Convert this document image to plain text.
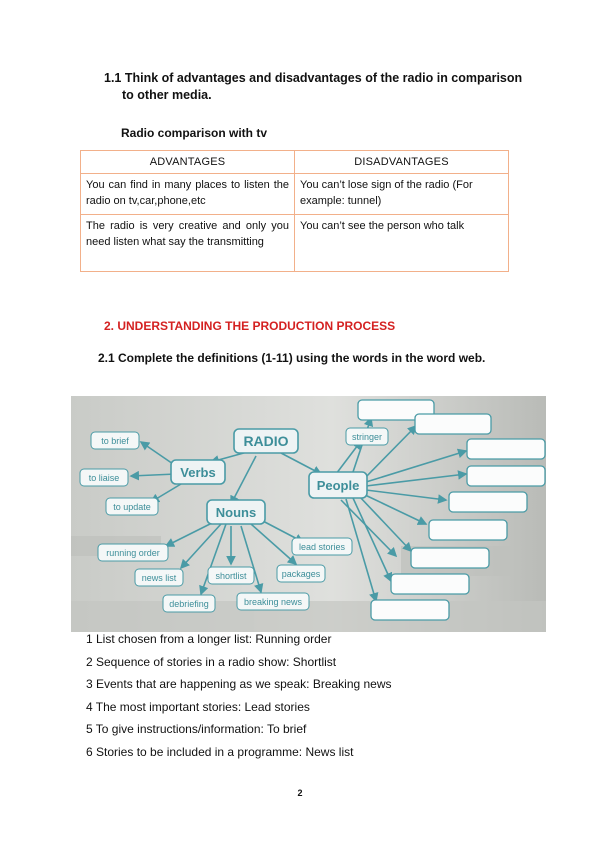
1.1 Think of advantages and disadvantages of the radio in comparison
to other media.
Radio comparison with tv
ADVANTAGES	DISADVANTAGES
You can find in many places to listen the radio on tv,car,phone,etc	You can’t lose sign of the radio (For example: tunnel)
The radio is very creative and only you need listen what say the transmitting	You can’t see the person who talk
2. UNDERSTANDING THE PRODUCTION PROCESS
2.1 Complete the definitions (1-11) using the words in the word web.
RADIO
Verbs
Nouns
People
to brief
to liaise
to update
running order
news list
debriefing
shortlist
breaking news
packages
lead stories
stringer
1 List chosen from a longer list: Running order
2 Sequence of stories in a radio show: Shortlist
3 Events that are happening as we speak: Breaking news
4 The most important stories: Lead stories
5 To give instructions/information: To brief
6 Stories to be included in a programme: News list
2
